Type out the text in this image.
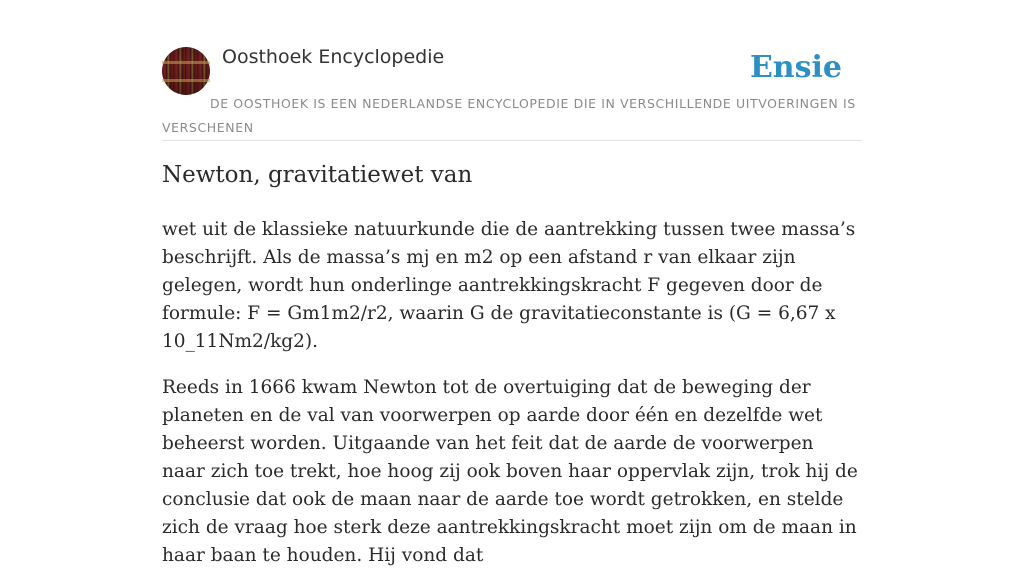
Oosthoek Encyclopedie	Ensie
DE OOSTHOEK IS EEN NEDERLANDSE ENCYCLOPEDIE DIE IN VERSCHILLENDE UITVOERINGEN IS VERSCHENEN
Newton, gravitatiewet van

wet uit de klassieke natuurkunde die de aantrekking tussen twee massa’s beschrijft. Als de massa’s mj en m2 op een afstand r van elkaar zijn gelegen, wordt hun onderlinge aantrekkingskracht F gegeven door de formule: F = Gm1m2/r2, waarin G de gravitatieconstante is (G = 6,67 x 10_11Nm2/kg2).

Reeds in 1666 kwam Newton tot de overtuiging dat de beweging der planeten en de val van voorwerpen op aarde door één en dezelfde wet beheerst worden. Uitgaande van het feit dat de aarde de voorwerpen naar zich toe trekt, hoe hoog zij ook boven haar oppervlak zijn, trok hij de conclusie dat ook de maan naar de aarde toe wordt getrokken, en stelde zich de vraag hoe sterk deze aantrekkingskracht moet zijn om de maan in haar baan te houden. Hij vond dat
